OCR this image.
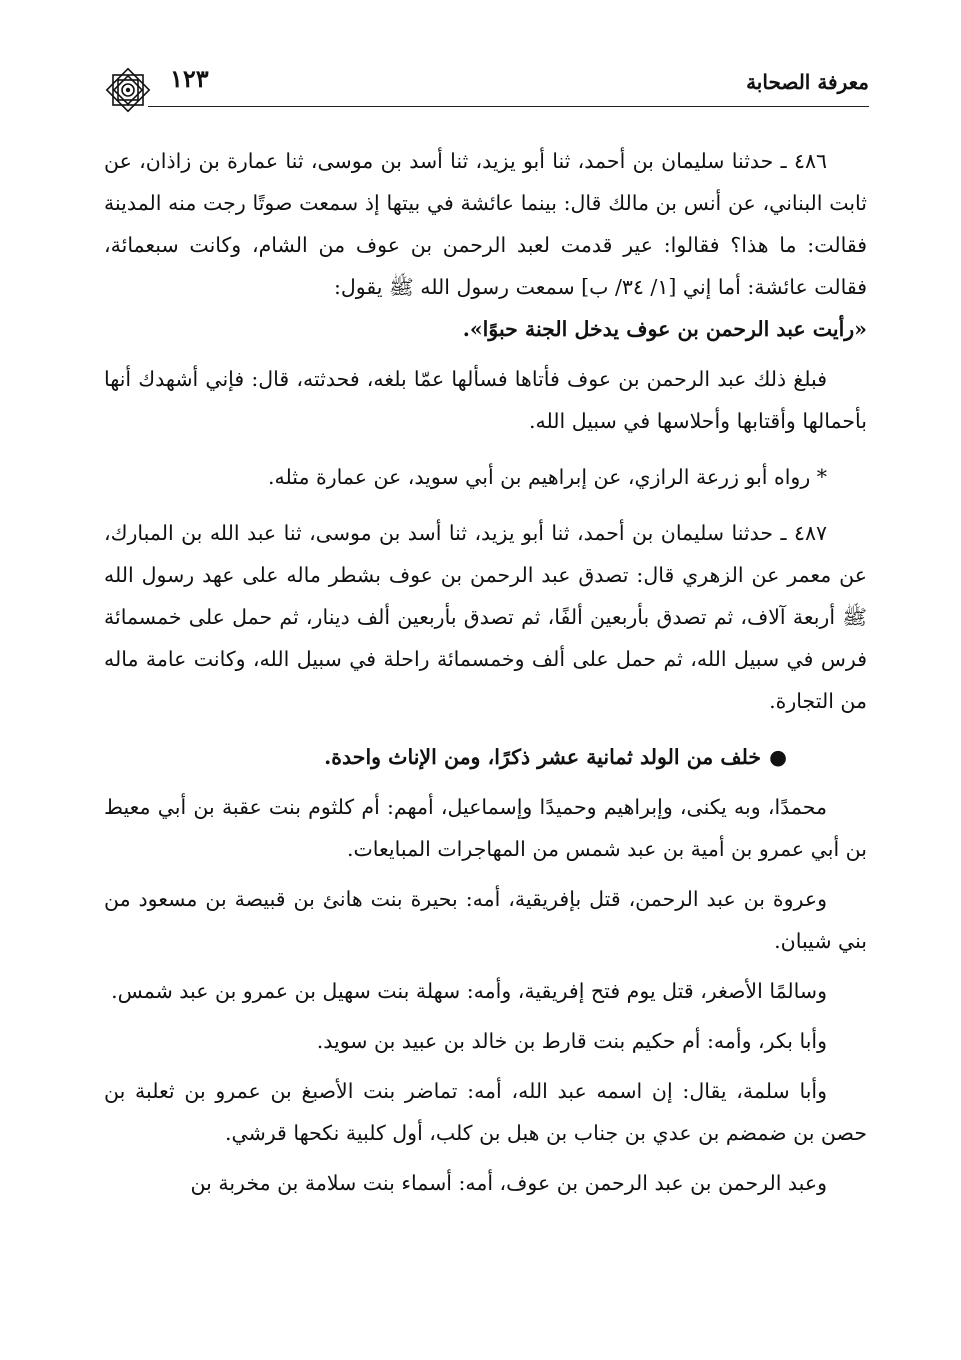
١٢٣	معرفة الصحابة

٤٨٦ ـ حدثنا سليمان بن أحمد، ثنا أبو يزيد، ثنا أسد بن موسى، ثنا عمارة بن زاذان، عن ثابت البناني، عن أنس بن مالك قال: بينما عائشة في بيتها إذ سمعت صوتًا رجت منه المدينة فقالت: ما هذا؟ فقالوا: عير قدمت لعبد الرحمن بن عوف من الشام، وكانت سبعمائة، فقالت عائشة: أما إني [١/ ٣٤/ ب] سمعت رسول الله ﷺ يقول:
«رأيت عبد الرحمن بن عوف يدخل الجنة حبوًا».

فبلغ ذلك عبد الرحمن بن عوف فأتاها فسألها عمّا بلغه، فحدثته، قال: فإني أشهدك أنها بأحمالها وأقتابها وأحلاسها في سبيل الله.

* رواه أبو زرعة الرازي، عن إبراهيم بن أبي سويد، عن عمارة مثله.

٤٨٧ ـ حدثنا سليمان بن أحمد، ثنا أبو يزيد، ثنا أسد بن موسى، ثنا عبد الله بن المبارك، عن معمر عن الزهري قال: تصدق عبد الرحمن بن عوف بشطر ماله على عهد رسول الله ﷺ أربعة آلاف، ثم تصدق بأربعين ألفًا، ثم تصدق بأربعين ألف دينار، ثم حمل على خمسمائة فرس في سبيل الله، ثم حمل على ألف وخمسمائة راحلة في سبيل الله، وكانت عامة ماله من التجارة.

●خلف من الولد ثمانية عشر ذكرًا، ومن الإناث واحدة.

محمدًا، وبه يكنى، وإبراهيم وحميدًا وإسماعيل، أمهم: أم كلثوم بنت عقبة بن أبي معيط بن أبي عمرو بن أمية بن عبد شمس من المهاجرات المبايعات.

وعروة بن عبد الرحمن، قتل بإفريقية، أمه: بحيرة بنت هانئ بن قبيصة بن مسعود من بني شيبان.

وسالمًا الأصغر، قتل يوم فتح إفريقية، وأمه: سهلة بنت سهيل بن عمرو بن عبد شمس.

وأبا بكر، وأمه: أم حكيم بنت قارط بن خالد بن عبيد بن سويد.

وأبا سلمة، يقال: إن اسمه عبد الله، أمه: تماضر بنت الأصبغ بن عمرو بن ثعلبة بن حصن بن ضمضم بن عدي بن جناب بن هبل بن كلب، أول كلبية نكحها قرشي.

وعبد الرحمن بن عبد الرحمن بن عوف، أمه: أسماء بنت سلامة بن مخربة بن
